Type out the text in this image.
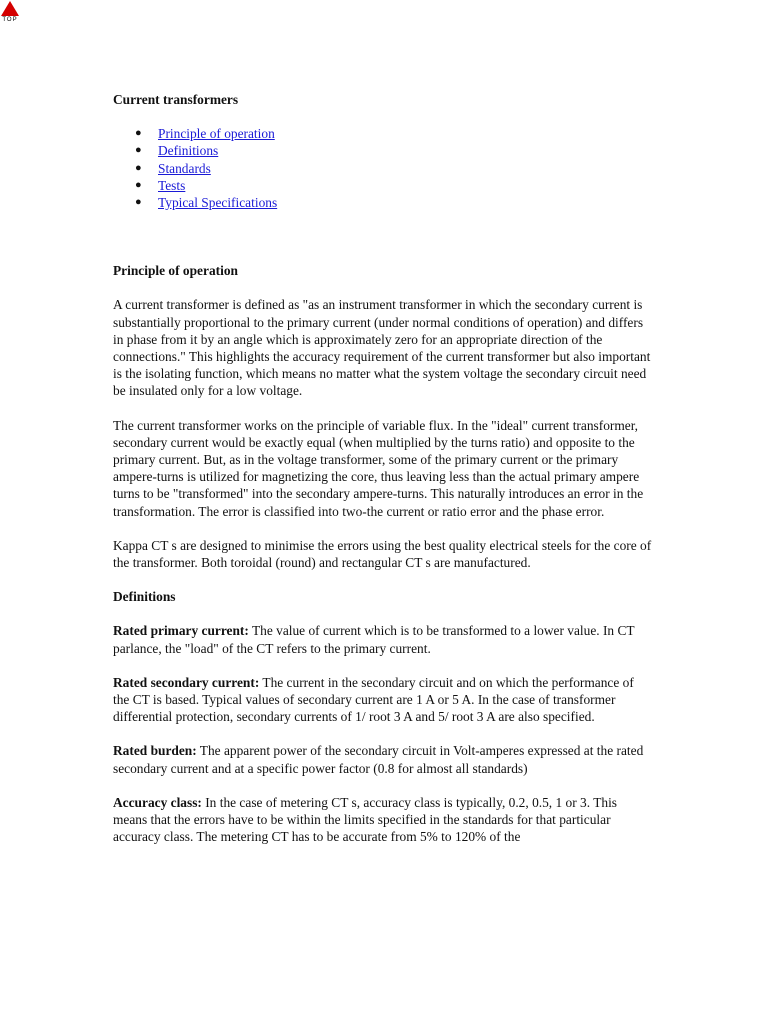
TOP
Current transformers
● Principle of operation
● Definitions
● Standards
● Tests
● Typical Specifications
Principle of operation

A current transformer is defined as "as an instrument transformer in which the secondary current is substantially proportional to the primary current (under normal conditions of operation) and differs in phase from it by an angle which is approximately zero for an appropriate direction of the connections." This highlights the accuracy requirement of the current transformer but also important is the isolating function, which means no matter what the system voltage the secondary circuit need be insulated only for a low voltage.

The current transformer works on the principle of variable flux. In the "ideal" current transformer, secondary current would be exactly equal (when multiplied by the turns ratio) and opposite to the primary current. But, as in the voltage transformer, some of the primary current or the primary ampere-turns is utilized for magnetizing the core, thus leaving less than the actual primary ampere turns to be "transformed" into the secondary ampere-turns. This naturally introduces an error in the transformation. The error is classified into two-the current or ratio error and the phase error.

Kappa CT s are designed to minimise the errors using the best quality electrical steels for the core of the transformer. Both toroidal (round) and rectangular CT s are manufactured.

Definitions

Rated primary current: The value of current which is to be transformed to a lower value. In CT parlance, the "load" of the CT refers to the primary current.

Rated secondary current: The current in the secondary circuit and on which the performance of the CT is based. Typical values of secondary current are 1 A or 5 A. In the case of transformer differential protection, secondary currents of 1/ root 3 A and 5/ root 3 A are also specified.

Rated burden: The apparent power of the secondary circuit in Volt-amperes expressed at the rated secondary current and at a specific power factor (0.8 for almost all standards)

Accuracy class: In the case of metering CT s, accuracy class is typically, 0.2, 0.5, 1 or 3. This means that the errors have to be within the limits specified in the standards for that particular accuracy class. The metering CT has to be accurate from 5% to 120% of the
